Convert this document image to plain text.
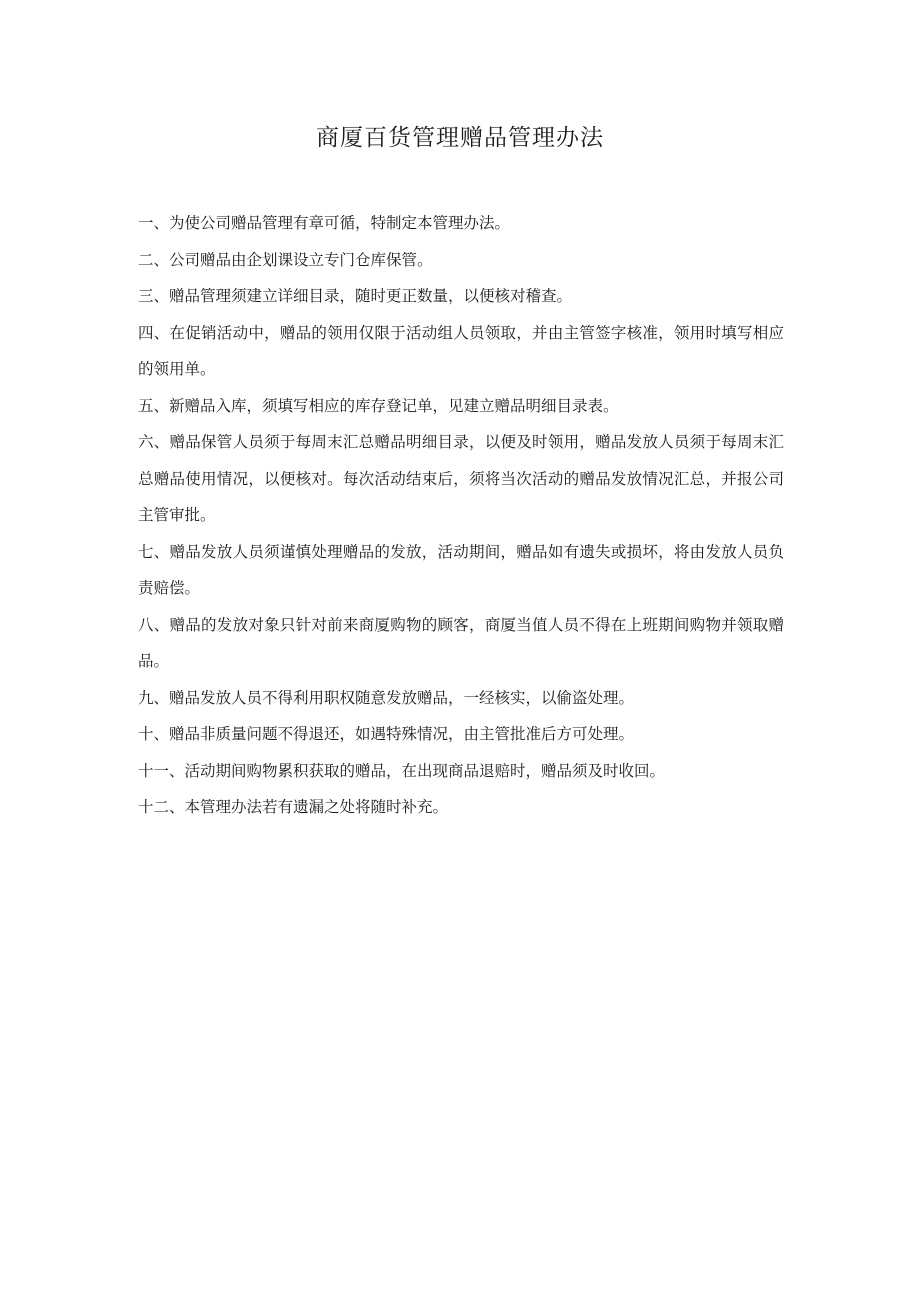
商厦百货管理赠品管理办法
一、为使公司赠品管理有章可循，特制定本管理办法。
二、公司赠品由企划课设立专门仓库保管。
三、赠品管理须建立详细目录，随时更正数量，以便核对稽查。
四、在促销活动中，赠品的领用仅限于活动组人员领取，并由主管签字核准，领用时填写相应的领用单。
五、新赠品入库，须填写相应的库存登记单，见建立赠品明细目录表。
六、赠品保管人员须于每周末汇总赠品明细目录，以便及时领用，赠品发放人员须于每周末汇总赠品使用情况，以便核对。每次活动结束后，须将当次活动的赠品发放情况汇总，并报公司主管审批。
七、赠品发放人员须谨慎处理赠品的发放，活动期间，赠品如有遗失或损坏，将由发放人员负责赔偿。
八、赠品的发放对象只针对前来商厦购物的顾客，商厦当值人员不得在上班期间购物并领取赠品。
九、赠品发放人员不得利用职权随意发放赠品，一经核实，以偷盗处理。
十、赠品非质量问题不得退还，如遇特殊情况，由主管批准后方可处理。
十一、活动期间购物累积获取的赠品，在出现商品退赔时，赠品须及时收回。
十二、本管理办法若有遗漏之处将随时补充。
